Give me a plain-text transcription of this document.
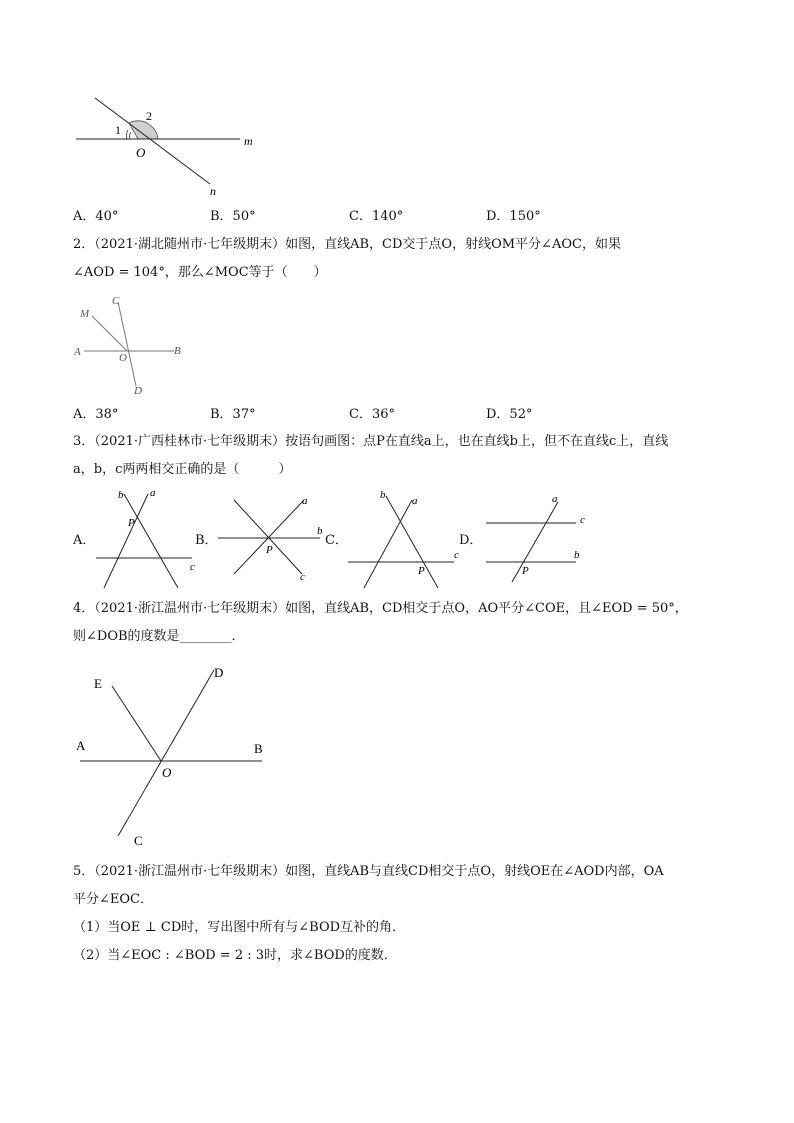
1
2
O
m
n
A．40°	B．50°	C．140°	D．150°
2．（2021·湖北随州市·七年级期末）如图，直线AB，CD交于点O，射线OM平分∠AOC，如果
∠AOD = 104°，那么∠MOC等于（　　）
C
M
A	O
B
D
A．38°	B．37°	C．36°	D．52°
3．（2021·广西桂林市·七年级期末）按语句画图：点P在直线a上，也在直线b上，但不在直线c上，直线
a，b，c两两相交正确的是（　　　）
A．
b a
P
c
B．
a
b
P
c
C．
b a
c
P
D．
a
c
b
P
4．（2021·浙江温州市·七年级期末）如图，直线AB，CD相交于点O，AO平分∠COE，且∠EOD = 50°，
则∠DOB的度数是________．
E
D
A	B
O
C
5．（2021·浙江温州市·七年级期末）如图，直线AB与直线CD相交于点O，射线OE在∠AOD内部，OA
平分∠EOC．
（1）当OE ⊥ CD时，写出图中所有与∠BOD互补的角．
（2）当∠EOC : ∠BOD = 2 : 3时，求∠BOD的度数．
